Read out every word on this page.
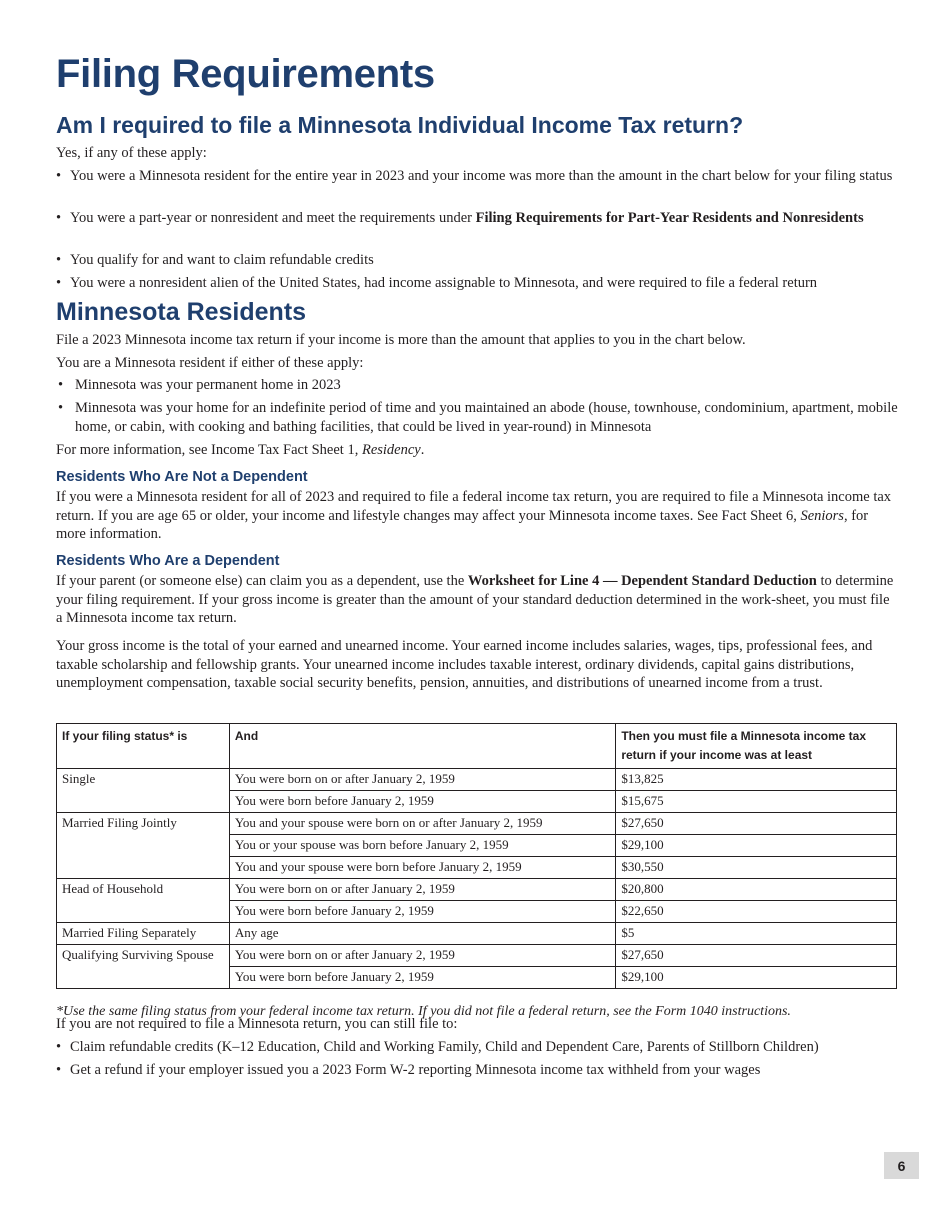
Filing Requirements
Am I required to file a Minnesota Individual Income Tax return?

Yes, if any of these apply:

• You were a Minnesota resident for the entire year in 2023 and your income was more than the amount in the chart below for your filing status
• You were a part-year or nonresident and meet the requirements under Filing Requirements for Part-Year Residents and Nonresidents
• You qualify for and want to claim refundable credits
• You were a nonresident alien of the United States, had income assignable to Minnesota, and were required to file a federal return
Minnesota Residents

File a 2023 Minnesota income tax return if your income is more than the amount that applies to you in the chart below.

You are a Minnesota resident if either of these apply:

• Minnesota was your permanent home in 2023
• Minnesota was your home for an indefinite period of time and you maintained an abode (house, townhouse, condominium, apartment, mobile home, or cabin, with cooking and bathing facilities, that could be lived in year-round) in Minnesota

For more information, see Income Tax Fact Sheet 1, Residency.

Residents Who Are Not a Dependent

If you were a Minnesota resident for all of 2023 and required to file a federal income tax return, you are required to file a Minnesota income tax return. If you are age 65 or older, your income and lifestyle changes may affect your Minnesota income taxes. See Fact Sheet 6, Seniors, for more information.

Residents Who Are a Dependent

If your parent (or someone else) can claim you as a dependent, use the Worksheet for Line 4 — Dependent Standard Deduction to determine your filing requirement. If your gross income is greater than the amount of your standard deduction determined in the work-sheet, you must file a Minnesota income tax return.

Your gross income is the total of your earned and unearned income. Your earned income includes salaries, wages, tips, professional fees, and taxable scholarship and fellowship grants. Your unearned income includes taxable interest, ordinary dividends, capital gains distributions, unemployment compensation, taxable social security benefits, pension, annuities, and distributions of unearned income from a trust.

If your filing status* is	And	Then you must file a Minnesota income tax return if your income was at least
Single	You were born on or after January 2, 1959	$13,825
	You were born before January 2, 1959	$15,675
Married Filing Jointly	You and your spouse were born on or after January 2, 1959	$27,650
	You or your spouse was born before January 2, 1959	$29,100
	You and your spouse were born before January 2, 1959	$30,550
Head of Household	You were born on or after January 2, 1959	$20,800
	You were born before January 2, 1959	$22,650
Married Filing Separately	Any age	$5
Qualifying Surviving Spouse	You were born on or after January 2, 1959	$27,650
	You were born before January 2, 1959	$29,100

*Use the same filing status from your federal income tax return. If you did not file a federal return, see the Form 1040 instructions.

If you are not required to file a Minnesota return, you can still file to:

• Claim refundable credits (K–12 Education, Child and Working Family, Child and Dependent Care, Parents of Stillborn Children)
• Get a refund if your employer issued you a 2023 Form W-2 reporting Minnesota income tax withheld from your wages
6
